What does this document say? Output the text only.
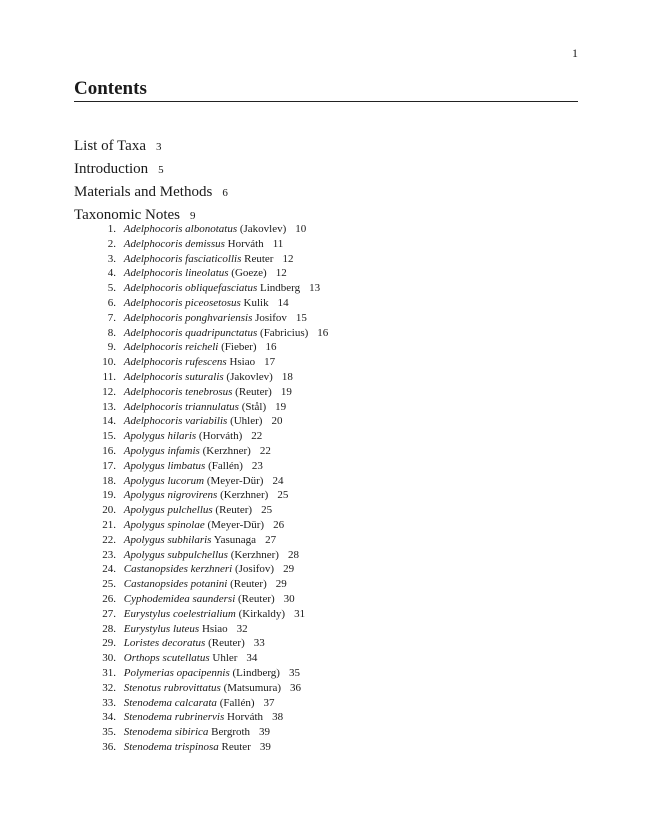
1
Contents
List of Taxa 3
Introduction 5
Materials and Methods 6
Taxonomic Notes 9
1. Adelphocoris albonotatus (Jakovlev) 10
2. Adelphocoris demissus Horváth 11
3. Adelphocoris fasciaticollis Reuter 12
4. Adelphocoris lineolatus (Goeze) 12
5. Adelphocoris obliquefasciatus Lindberg 13
6. Adelphocoris piceosetosus Kulik 14
7. Adelphocoris ponghvariensis Josifov 15
8. Adelphocoris quadripunctatus (Fabricius) 16
9. Adelphocoris reicheli (Fieber) 16
10. Adelphocoris rufescens Hsiao 17
11. Adelphocoris suturalis (Jakovlev) 18
12. Adelphocoris tenebrosus (Reuter) 19
13. Adelphocoris triannulatus (Stål) 19
14. Adelphocoris variabilis (Uhler) 20
15. Apolygus hilaris (Horváth) 22
16. Apolygus infamis (Kerzhner) 22
17. Apolygus limbatus (Fallén) 23
18. Apolygus lucorum (Meyer-Dür) 24
19. Apolygus nigrovirens (Kerzhner) 25
20. Apolygus pulchellus (Reuter) 25
21. Apolygus spinolae (Meyer-Dür) 26
22. Apolygus subhilaris Yasunaga 27
23. Apolygus subpulchellus (Kerzhner) 28
24. Castanopsides kerzhneri (Josifov) 29
25. Castanopsides potanini (Reuter) 29
26. Cyphodemidea saundersi (Reuter) 30
27. Eurystylus coelestrialium (Kirkaldy) 31
28. Eurystylus luteus Hsiao 32
29. Loristes decoratus (Reuter) 33
30. Orthops scutellatus Uhler 34
31. Polymerias opacipennis (Lindberg) 35
32. Stenotus rubrovittatus (Matsumura) 36
33. Stenodema calcarata (Fallén) 37
34. Stenodema rubrinervis Horváth 38
35. Stenodema sibirica Bergroth 39
36. Stenodema trispinosa Reuter 39
